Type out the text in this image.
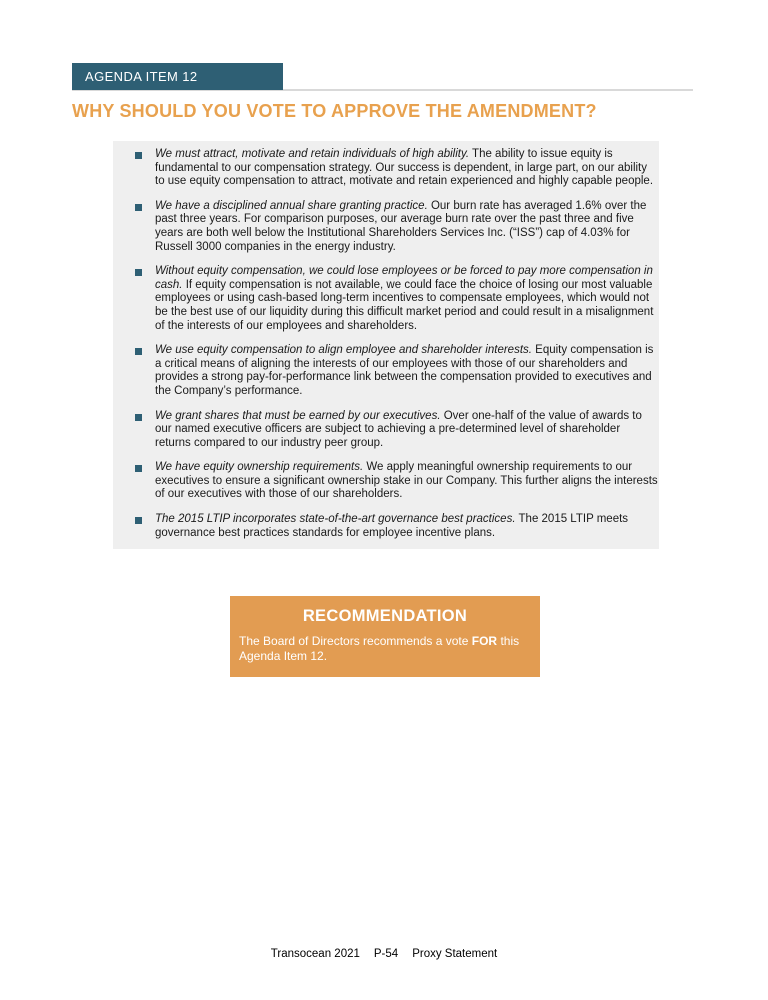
AGENDA ITEM 12
WHY SHOULD YOU VOTE TO APPROVE THE AMENDMENT?
We must attract, motivate and retain individuals of high ability. The ability to issue equity is fundamental to our compensation strategy. Our success is dependent, in large part, on our ability to use equity compensation to attract, motivate and retain experienced and highly capable people.
We have a disciplined annual share granting practice. Our burn rate has averaged 1.6% over the past three years. For comparison purposes, our average burn rate over the past three and five years are both well below the Institutional Shareholders Services Inc. (“ISS”) cap of 4.03% for Russell 3000 companies in the energy industry.
Without equity compensation, we could lose employees or be forced to pay more compensation in cash. If equity compensation is not available, we could face the choice of losing our most valuable employees or using cash-based long-term incentives to compensate employees, which would not be the best use of our liquidity during this difficult market period and could result in a misalignment of the interests of our employees and shareholders.
We use equity compensation to align employee and shareholder interests. Equity compensation is a critical means of aligning the interests of our employees with those of our shareholders and provides a strong pay-for-performance link between the compensation provided to executives and the Company’s performance.
We grant shares that must be earned by our executives. Over one-half of the value of awards to our named executive officers are subject to achieving a pre-determined level of shareholder returns compared to our industry peer group.
We have equity ownership requirements. We apply meaningful ownership requirements to our executives to ensure a significant ownership stake in our Company. This further aligns the interests of our executives with those of our shareholders.
The 2015 LTIP incorporates state-of-the-art governance best practices. The 2015 LTIP meets governance best practices standards for employee incentive plans.
RECOMMENDATION
The Board of Directors recommends a vote FOR this Agenda Item 12.
Transocean 2021 P-54 Proxy Statement
